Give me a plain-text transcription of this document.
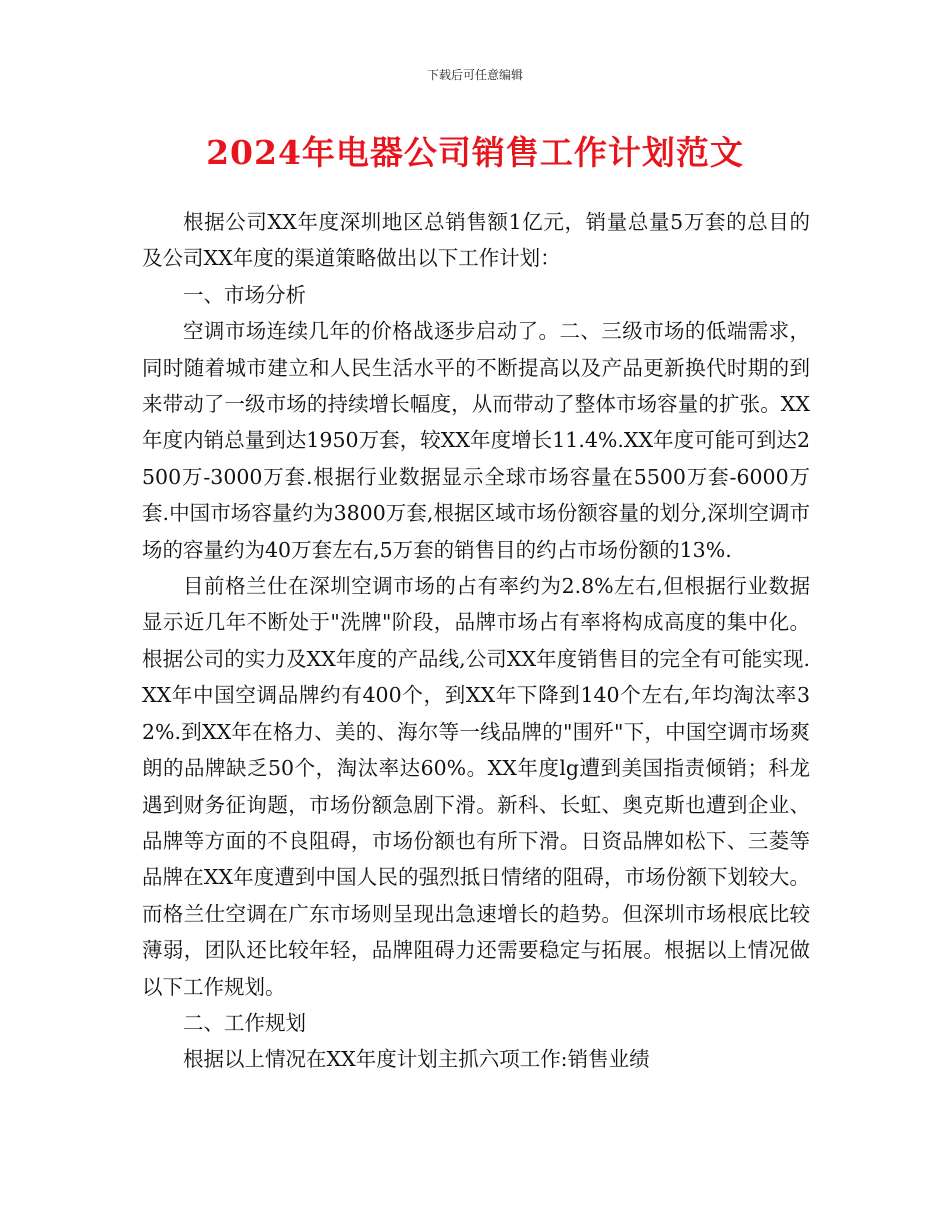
下载后可任意编辑
2024年电器公司销售工作计划范文

根据公司XX年度深圳地区总销售额1亿元，销量总量5万套的总目的及公司XX年度的渠道策略做出以下工作计划：

一、市场分析

空调市场连续几年的价格战逐步启动了。二、三级市场的低端需求，同时随着城市建立和人民生活水平的不断提高以及产品更新换代时期的到来带动了一级市场的持续增长幅度，从而带动了整体市场容量的扩张。XX年度内销总量到达1950万套，较XX年度增长11.4%.XX年度可能可到达2500万-3000万套.根据行业数据显示全球市场容量在5500万套-6000万套.中国市场容量约为3800万套,根据区域市场份额容量的划分,深圳空调市场的容量约为40万套左右,5万套的销售目的约占市场份额的13%.

目前格兰仕在深圳空调市场的占有率约为2.8%左右,但根据行业数据显示近几年不断处于"洗牌"阶段，品牌市场占有率将构成高度的集中化。根据公司的实力及XX年度的产品线,公司XX年度销售目的完全有可能实现.XX年中国空调品牌约有400个，到XX年下降到140个左右,年均淘汰率32%.到XX年在格力、美的、海尔等一线品牌的"围歼"下，中国空调市场爽朗的品牌缺乏50个，淘汰率达60%。XX年度lg遭到美国指责倾销；科龙遇到财务征询题，市场份额急剧下滑。新科、长虹、奥克斯也遭到企业、品牌等方面的不良阻碍，市场份额也有所下滑。日资品牌如松下、三菱等品牌在XX年度遭到中国人民的强烈抵日情绪的阻碍，市场份额下划较大。而格兰仕空调在广东市场则呈现出急速增长的趋势。但深圳市场根底比较薄弱，团队还比较年轻，品牌阻碍力还需要稳定与拓展。根据以上情况做以下工作规划。

二、工作规划

根据以上情况在XX年度计划主抓六项工作:销售业绩
